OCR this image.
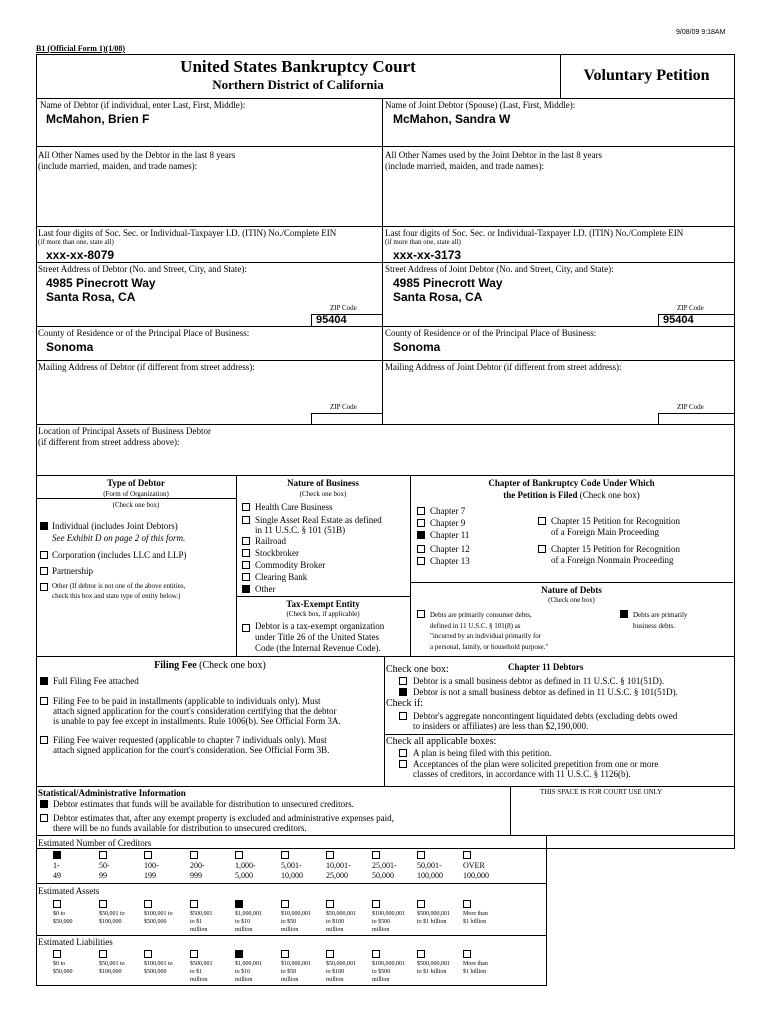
9/08/09 9:18AM
B1 (Official Form 1)(1/08)
United States Bankruptcy Court
Northern District of California
Voluntary Petition
Name of Debtor (if individual, enter Last, First, Middle):
McMahon, Brien F
All Other Names used by the Debtor in the last 8 years
(include married, maiden, and trade names):
Last four digits of Soc. Sec. or Individual-Taxpayer I.D. (ITIN) No./Complete EIN
(if more than one, state all)
xxx-xx-8079
Street Address of Debtor (No. and Street, City, and State):
4985 Pinecrott Way
Santa Rosa, CA
ZIP Code
95404
County of Residence or of the Principal Place of Business:
Sonoma
Mailing Address of Debtor (if different from street address):
ZIP Code
Name of Joint Debtor (Spouse) (Last, First, Middle):
McMahon, Sandra W
All Other Names used by the Joint Debtor in the last 8 years
(include married, maiden, and trade names):
Last four digits of Soc. Sec. or Individual-Taxpayer I.D. (ITIN) No./Complete EIN
(if more than one, state all)
xxx-xx-3173
Street Address of Joint Debtor (No. and Street, City, and State):
4985 Pinecrott Way
Santa Rosa, CA
ZIP Code
95404
County of Residence or of the Principal Place of Business:
Sonoma
Mailing Address of Joint Debtor (if different from street address):
ZIP Code
Location of Principal Assets of Business Debtor
(if different from street address above):
Type of Debtor
(Form of Organization)
(Check one box)
Individual (includes Joint Debtors)
See Exhibit D on page 2 of this form.
Corporation (includes LLC and LLP)
Partnership
Other (If debtor is not one of the above entities,
check this box and state type of entity below.)
Nature of Business
(Check one box)
Health Care Business
Single Asset Real Estate as defined
in 11 U.S.C. § 101 (51B)
Railroad
Stockbroker
Commodity Broker
Clearing Bank
Other
Tax-Exempt Entity
(Check box, if applicable)
Debtor is a tax-exempt organization
under Title 26 of the United States
Code (the Internal Revenue Code).
Chapter of Bankruptcy Code Under Which
the Petition is Filed (Check one box)
Chapter 7
Chapter 9
Chapter 11
Chapter 12
Chapter 13
Chapter 15 Petition for Recognition
of a Foreign Main Proceeding
Chapter 15 Petition for Recognition
of a Foreign Nonmain Proceeding
Nature of Debts
(Check one box)
Debts are primarily consumer debts,
defined in 11 U.S.C. § 101(8) as
"incurred by an individual primarily for
a personal, family, or household purpose."
Debts are primarily
business debts.
Filing Fee (Check one box)
Full Filing Fee attached
Filing Fee to be paid in installments (applicable to individuals only). Must
attach signed application for the court's consideration certifying that the debtor
is unable to pay fee except in installments. Rule 1006(b). See Official Form 3A.
Filing Fee waiver requested (applicable to chapter 7 individuals only). Must
attach signed application for the court's consideration. See Official Form 3B.
Check one box:	Chapter 11 Debtors
Debtor is a small business debtor as defined in 11 U.S.C. § 101(51D).
Debtor is not a small business debtor as defined in 11 U.S.C. § 101(51D).
Check if:
Debtor's aggregate noncontingent liquidated debts (excluding debts owed
to insiders or affiliates) are less than $2,190,000.
Check all applicable boxes:
A plan is being filed with this petition.
Acceptances of the plan were solicited prepetition from one or more
classes of creditors, in accordance with 11 U.S.C. § 1126(b).
Statistical/Administrative Information	THIS SPACE IS FOR COURT USE ONLY
Debtor estimates that funds will be available for distribution to unsecured creditors.
Debtor estimates that, after any exempt property is excluded and administrative expenses paid,
there will be no funds available for distribution to unsecured creditors.
Estimated Number of Creditors
1-
49
50-
99
100-
199
200-
999
1,000-
5,000
5,001-
10,000
10,001-
25,000
25,001-
50,000
50,001-
100,000
OVER
100,000
Estimated Assets
$0 to
$50,000
$50,001 to
$100,000
$100,001 to
$500,000
$500,001
to $1
million
$1,000,001
to $10
million
$10,000,001
to $50
million
$50,000,001
to $100
million
$100,000,001
to $500
million
$500,000,001
to $1 billion
More than
$1 billion
Estimated Liabilities
$0 to
$50,000
$50,001 to
$100,000
$100,001 to
$500,000
$500,001
to $1
million
$1,000,001
to $10
million
$10,000,001
to $50
million
$50,000,001
to $100
million
$100,000,001
to $500
million
$500,000,001
to $1 billion
More than
$1 billion
